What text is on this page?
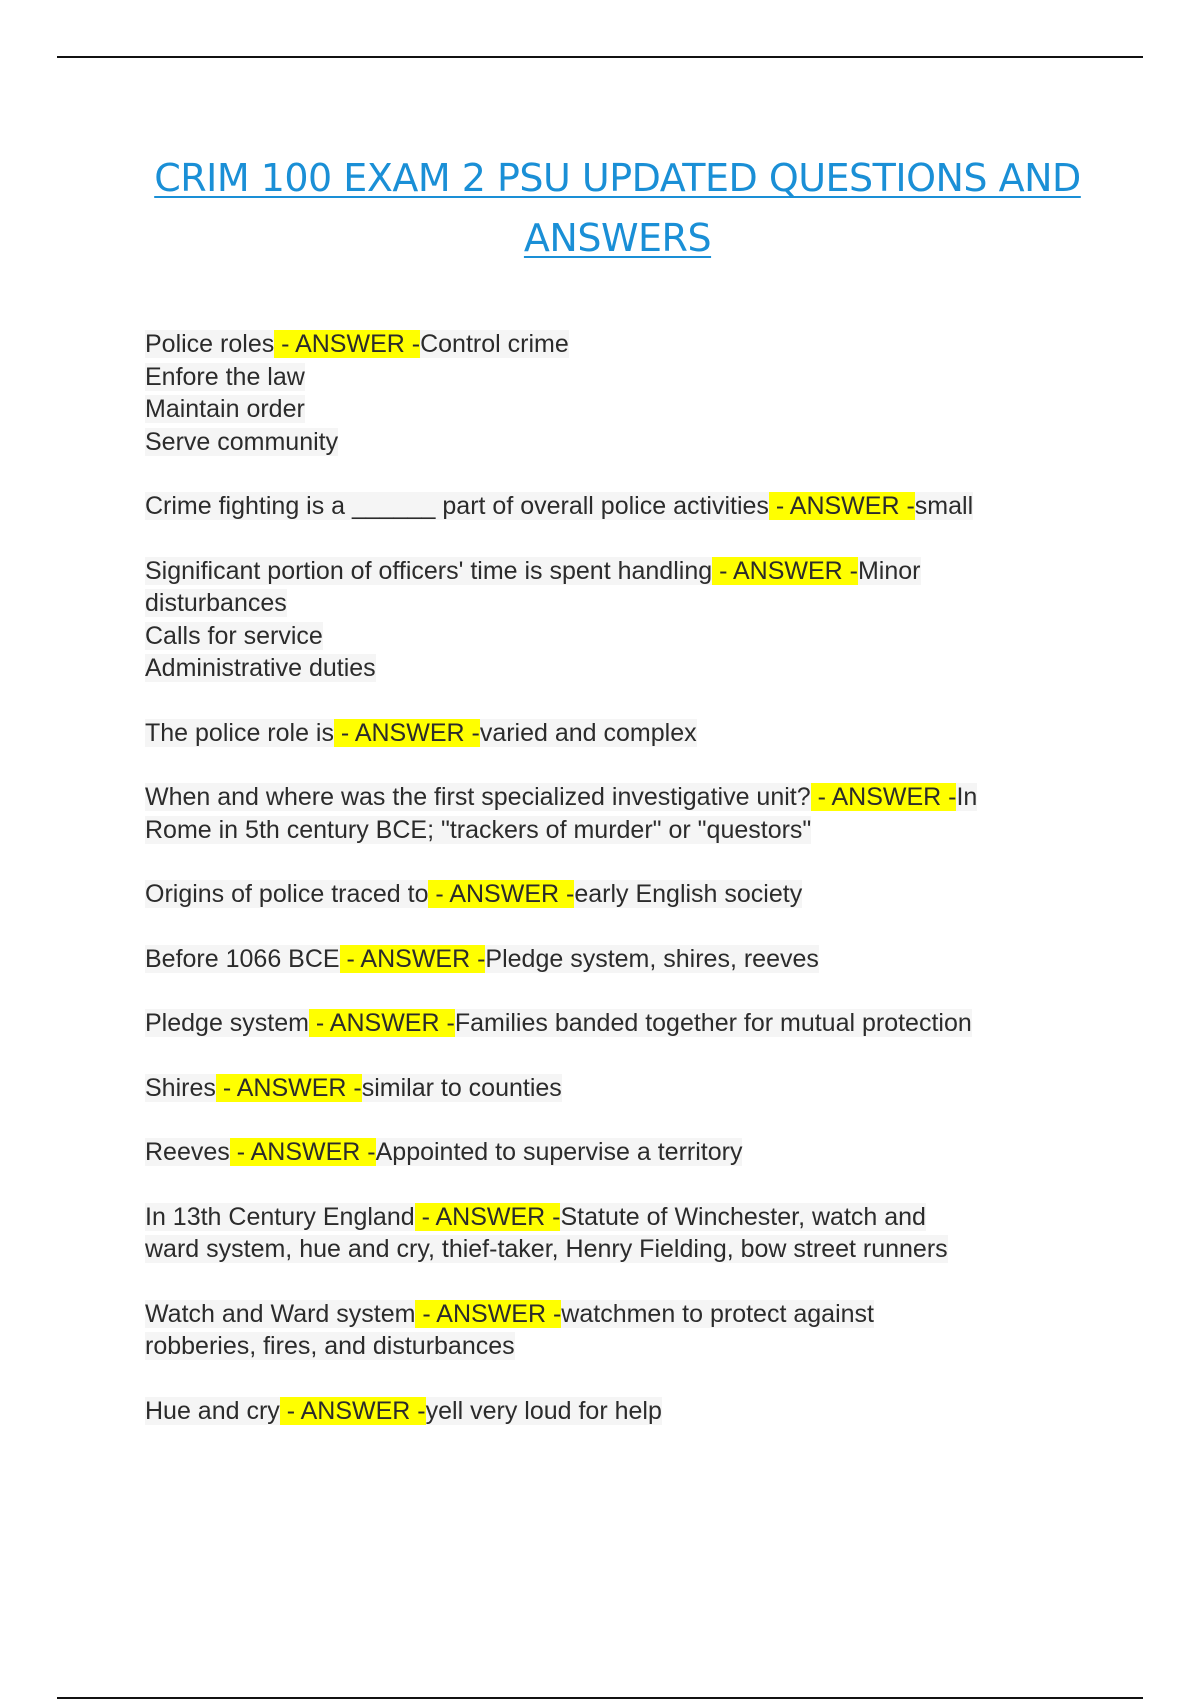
CRIM 100 EXAM 2 PSU UPDATED QUESTIONS AND ANSWERS
Police roles - ANSWER -Control crime
Enfore the law
Maintain order
Serve community
Crime fighting is a ______ part of overall police activities - ANSWER -small
Significant portion of officers' time is spent handling - ANSWER -Minor
disturbances
Calls for service
Administrative duties
The police role is - ANSWER -varied and complex
When and where was the first specialized investigative unit? - ANSWER -In
Rome in 5th century BCE; "trackers of murder" or "questors"
Origins of police traced to - ANSWER -early English society
Before 1066 BCE - ANSWER -Pledge system, shires, reeves
Pledge system - ANSWER -Families banded together for mutual protection
Shires - ANSWER -similar to counties
Reeves - ANSWER -Appointed to supervise a territory
In 13th Century England - ANSWER -Statute of Winchester, watch and
ward system, hue and cry, thief-taker, Henry Fielding, bow street runners
Watch and Ward system - ANSWER -watchmen to protect against
robberies, fires, and disturbances
Hue and cry - ANSWER -yell very loud for help
